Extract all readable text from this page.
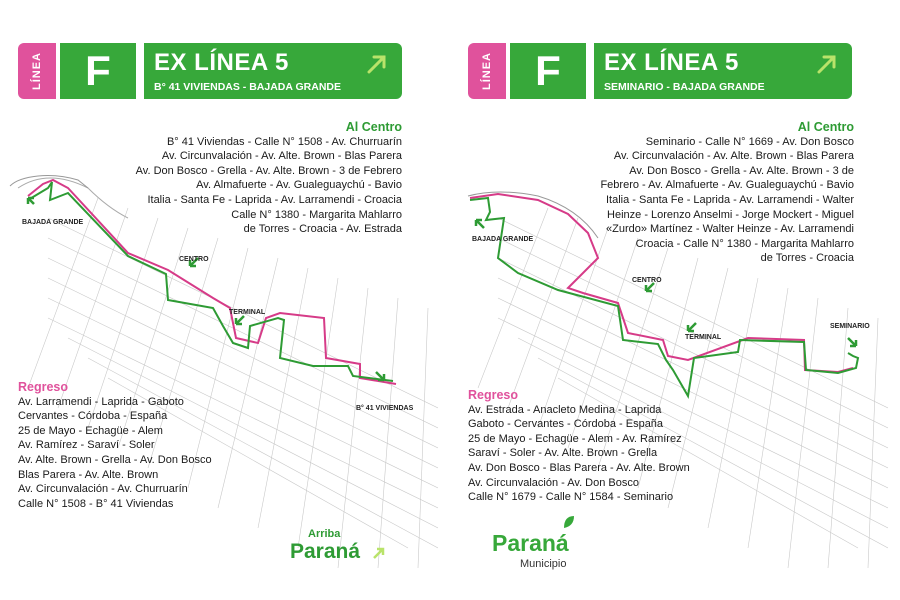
LÍNEA	F	EX LÍNEA 5
B° 41 VIVIENDAS - BAJADA GRANDE
BAJADA GRANDE
CENTRO
TERMINAL
B° 41 VIVIENDAS
Al Centro
B° 41 Viviendas - Calle N° 1508 - Av. Churruarín
Av. Circunvalación - Av. Alte. Brown - Blas Parera
Av. Don Bosco - Grella - Av. Alte. Brown - 3 de Febrero
Av. Almafuerte - Av. Gualeguaychú - Bavio
Italia - Santa Fe - Laprida - Av. Larramendi - Croacia
Calle N° 1380 - Margarita Mahlarro
de Torres - Croacia - Av. Estrada
Regreso
Av. Larramendi - Laprida - Gaboto
Cervantes - Córdoba - España
25 de Mayo - Echagüe - Alem
Av. Ramírez - Saraví - Soler
Av. Alte. Brown - Grella - Av. Don Bosco
Blas Parera - Av. Alte. Brown
Av. Circunvalación - Av. Churruarín
Calle N° 1508 - B° 41 Viviendas
Arriba
Paraná
LÍNEA	F	EX LÍNEA 5
SEMINARIO - BAJADA GRANDE
BAJADA GRANDE
CENTRO
TERMINAL
SEMINARIO
Al Centro
Seminario - Calle N° 1669 - Av. Don Bosco
Av. Circunvalación - Av. Alte. Brown - Blas Parera
Av. Don Bosco - Grella - Av. Alte. Brown - 3 de
Febrero - Av. Almafuerte - Av. Gualeguaychú - Bavio
Italia - Santa Fe - Laprida - Av. Larramendi - Walter
Heinze - Lorenzo Anselmi - Jorge Mockert - Miguel
«Zurdo» Martínez - Walter Heinze - Av. Larramendi
Croacia - Calle N° 1380 - Margarita Mahlarro
de Torres - Croacia
Regreso
Av. Estrada - Anacleto Medina - Laprida
Gaboto - Cervantes - Córdoba - España
25 de Mayo - Echagüe - Alem - Av. Ramírez
Saraví - Soler - Av. Alte. Brown - Grella
Av. Don Bosco - Blas Parera - Av. Alte. Brown
Av. Circunvalación - Av. Don Bosco
Calle N° 1679 - Calle N° 1584 - Seminario
Paraná
Municipio
